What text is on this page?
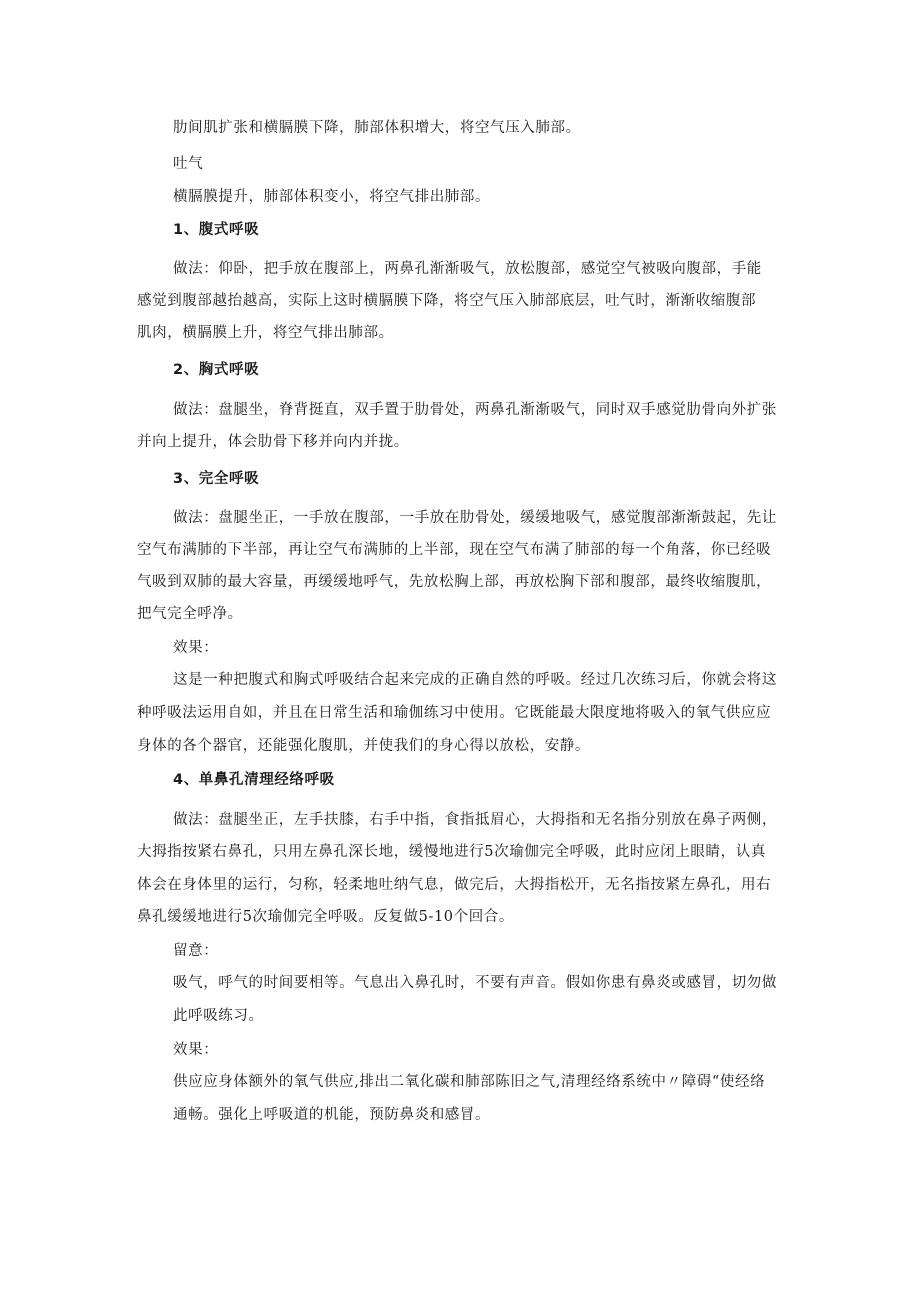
肋间肌扩张和横膈膜下降，肺部体积增大，将空气压入肺部。
吐气
横膈膜提升，肺部体积变小，将空气排出肺部。
1、腹式呼吸
做法：仰卧，把手放在腹部上，两鼻孔渐渐吸气，放松腹部，感觉空气被吸向腹部，手能
感觉到腹部越抬越高，实际上这时横膈膜下降，将空气压入肺部底层，吐气时，渐渐收缩腹部
肌肉，横膈膜上升，将空气排出肺部。
2、胸式呼吸
做法：盘腿坐，脊背挺直，双手置于肋骨处，两鼻孔渐渐吸气，同时双手感觉肋骨向外扩张
并向上提升，体会肋骨下移并向内并拢。
3、完全呼吸
做法：盘腿坐正，一手放在腹部，一手放在肋骨处，缓缓地吸气，感觉腹部渐渐鼓起，先让
空气布满肺的下半部，再让空气布满肺的上半部，现在空气布满了肺部的每一个角落，你已经吸
气吸到双肺的最大容量，再缓缓地呼气，先放松胸上部，再放松胸下部和腹部，最终收缩腹肌，
把气完全呼净。
效果：
这是一种把腹式和胸式呼吸结合起来完成的正确自然的呼吸。经过几次练习后，你就会将这
种呼吸法运用自如，并且在日常生活和瑜伽练习中使用。它既能最大限度地将吸入的氧气供应应
身体的各个器官，还能强化腹肌，并使我们的身心得以放松，安静。
4、单鼻孔清理经络呼吸
做法：盘腿坐正，左手扶膝，右手中指，食指抵眉心，大拇指和无名指分别放在鼻子两侧，
大拇指按紧右鼻孔，只用左鼻孔深长地，缓慢地进行5次瑜伽完全呼吸，此时应闭上眼睛，认真
体会在身体里的运行，匀称，轻柔地吐纳气息，做完后，大拇指松开，无名指按紧左鼻孔，用右
鼻孔缓缓地进行5次瑜伽完全呼吸。反复做5-10个回合。
留意：
吸气，呼气的时间要相等。气息出入鼻孔时，不要有声音。假如你患有鼻炎或感冒，切勿做
此呼吸练习。
效果：
供应应身体额外的氧气供应,排出二氧化碳和肺部陈旧之气,清理经络系统中〃障碍“使经络
通畅。强化上呼吸道的机能，预防鼻炎和感冒。
